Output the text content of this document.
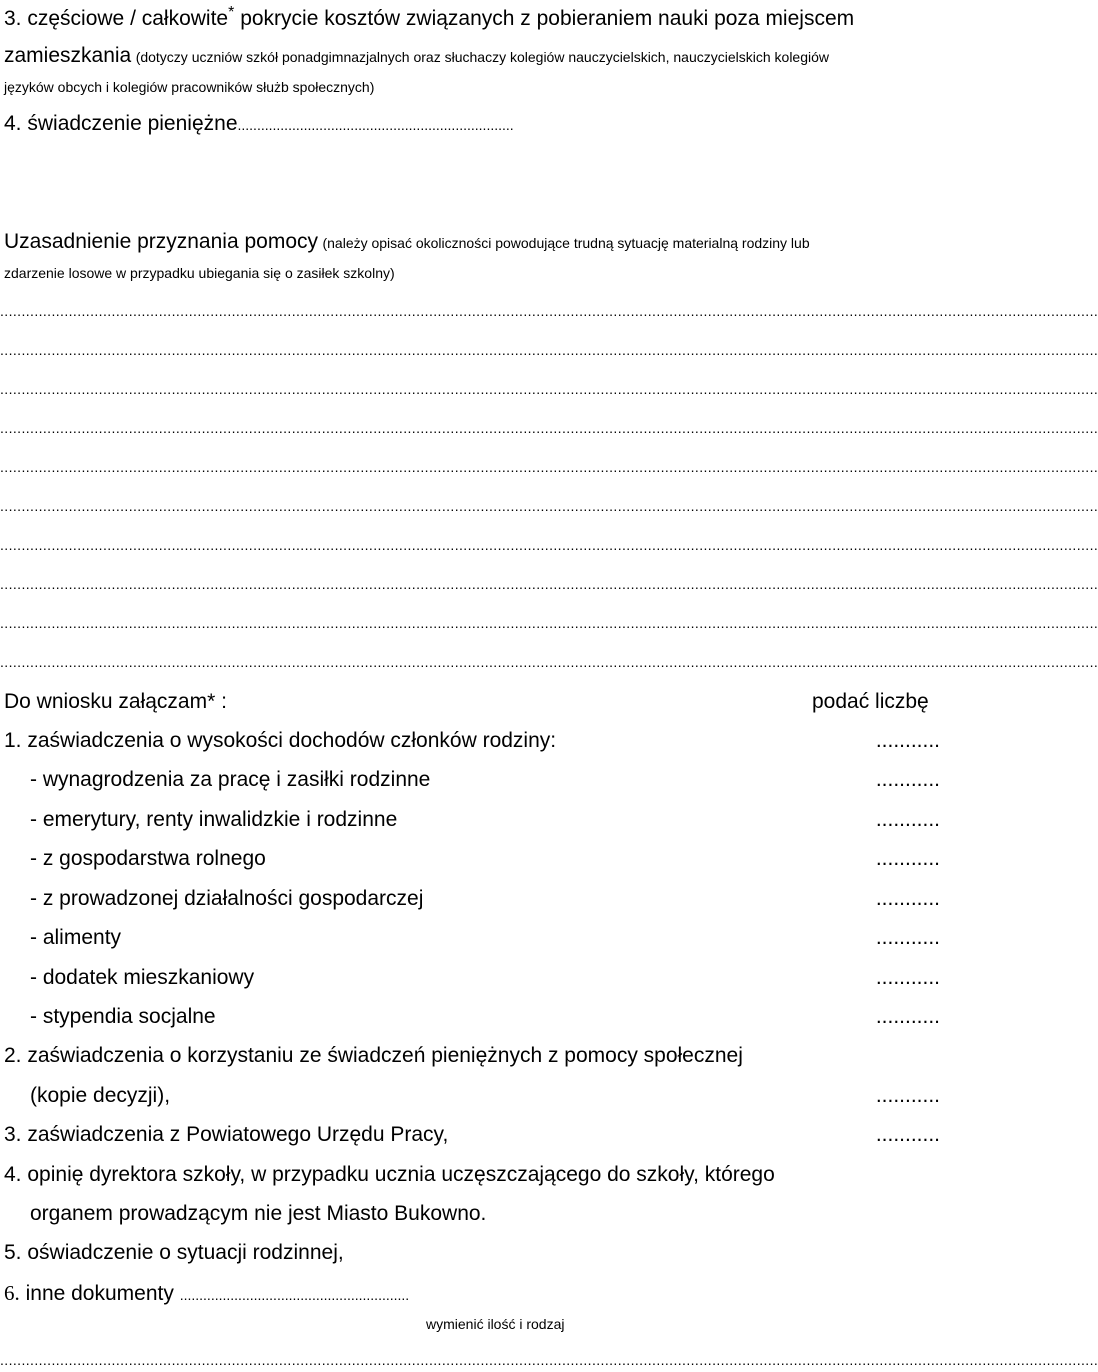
3. częściowe / całkowite* pokrycie kosztów związanych z pobieraniem nauki poza miejscem
zamieszkania (dotyczy uczniów szkół ponadgimnazjalnych oraz słuchaczy kolegiów nauczycielskich, nauczycielskich kolegiów
języków obcych i kolegiów pracowników służb społecznych)
4. świadczenie pieniężne.......................................................................
Uzasadnienie przyznania pomocy (należy opisać okoliczności powodujące trudną sytuację materialną rodziny lub
zdarzenie losowe w przypadku ubiegania się o zasiłek szkolny)
................................................................................................................................................................................................................................................................
................................................................................................................................................................................................................................................................
................................................................................................................................................................................................................................................................
................................................................................................................................................................................................................................................................
................................................................................................................................................................................................................................................................
................................................................................................................................................................................................................................................................
................................................................................................................................................................................................................................................................
................................................................................................................................................................................................................................................................
................................................................................................................................................................................................................................................................
................................................................................................................................................................................................................................................................
Do wniosku załączam* :	podać liczbę
1. zaświadczenia o wysokości dochodów członków rodziny:	...........
- wynagrodzenia za pracę i zasiłki rodzinne	...........
- emerytury, renty inwalidzkie i rodzinne	...........
- z gospodarstwa rolnego	...........
- z prowadzonej działalności gospodarczej	...........
- alimenty	...........
- dodatek mieszkaniowy	...........
- stypendia socjalne	...........
2. zaświadczenia o korzystaniu ze świadczeń pieniężnych z pomocy społecznej
(kopie decyzji),	...........
3. zaświadczenia z Powiatowego Urzędu Pracy,	...........
4. opinię dyrektora szkoły, w przypadku ucznia uczęszczającego do szkoły, którego
organem prowadzącym nie jest Miasto Bukowno.
5. oświadczenie o sytuacji rodzinnej,
6. inne dokumenty ...........................................................
wymienić ilość i rodzaj
................................................................................................................................................................................................................................................................
